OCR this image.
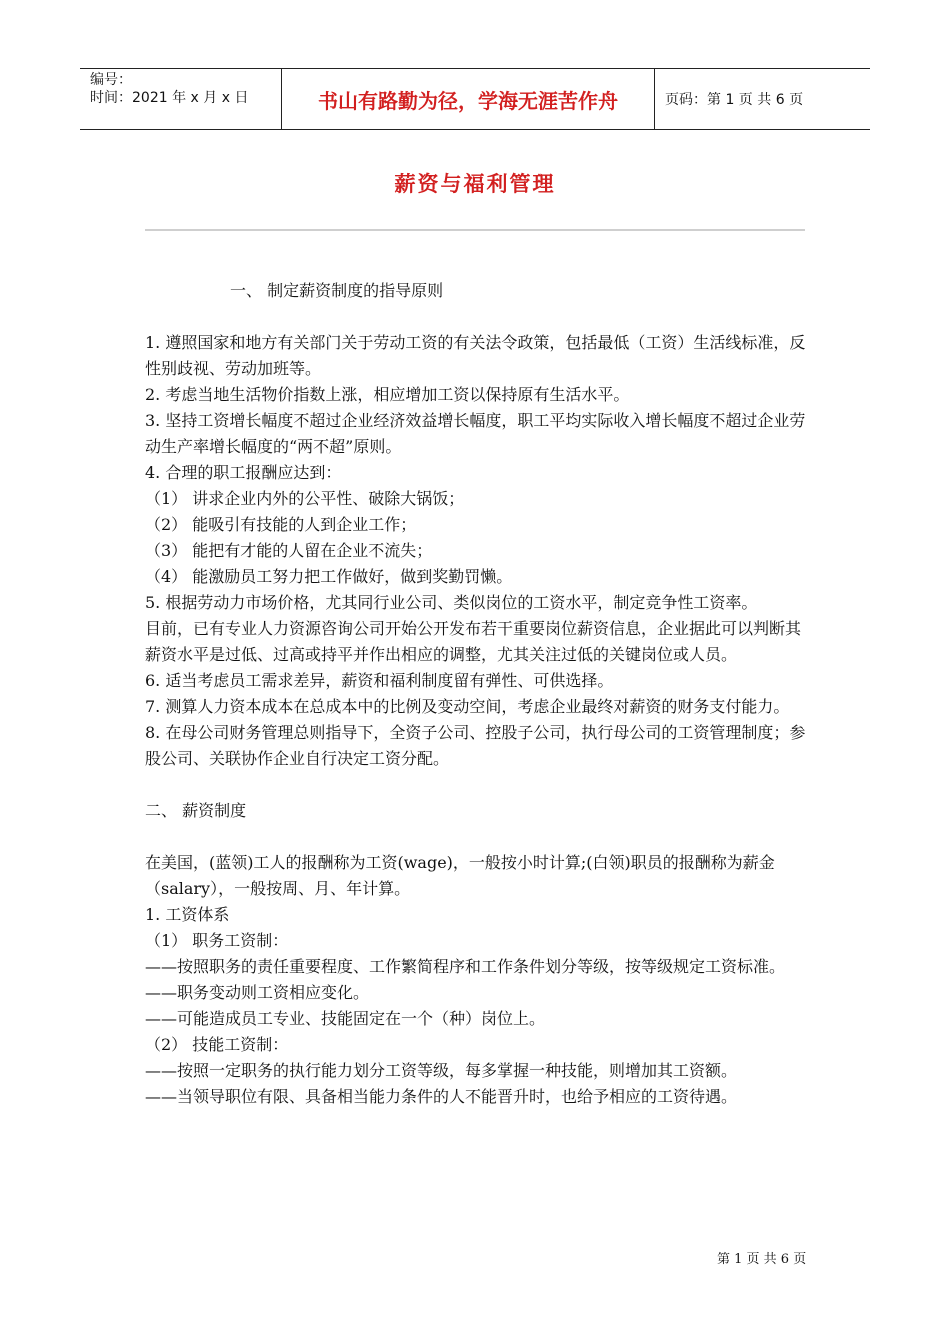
编号：
时间：2021 年 x 月 x 日	书山有路勤为径，学海无涯苦作舟	页码：第 1 页 共 6 页
薪资与福利管理

一、 制定薪资制度的指导原则

1. 遵照国家和地方有关部门关于劳动工资的有关法令政策，包括最低（工资）生活线标准，反性别歧视、劳动加班等。

2. 考虑当地生活物价指数上涨，相应增加工资以保持原有生活水平。

3. 坚持工资增长幅度不超过企业经济效益增长幅度，职工平均实际收入增长幅度不超过企业劳动生产率增长幅度的“两不超”原则。

4. 合理的职工报酬应达到：

（1） 讲求企业内外的公平性、破除大锅饭；

（2） 能吸引有技能的人到企业工作；

（3） 能把有才能的人留在企业不流失；

（4） 能激励员工努力把工作做好，做到奖勤罚懒。

5. 根据劳动力市场价格，尤其同行业公司、类似岗位的工资水平，制定竞争性工资率。

目前，已有专业人力资源咨询公司开始公开发布若干重要岗位薪资信息，企业据此可以判断其薪资水平是过低、过高或持平并作出相应的调整，尤其关注过低的关键岗位或人员。

6. 适当考虑员工需求差异，薪资和福利制度留有弹性、可供选择。

7. 测算人力资本成本在总成本中的比例及变动空间，考虑企业最终对薪资的财务支付能力。

8. 在母公司财务管理总则指导下，全资子公司、控股子公司，执行母公司的工资管理制度；参股公司、关联协作企业自行决定工资分配。

二、 薪资制度

在美国，(蓝领)工人的报酬称为工资(wage)，一般按小时计算;(白领)职员的报酬称为薪金（salary），一般按周、月、年计算。

1. 工资体系

（1） 职务工资制：

——按照职务的责任重要程度、工作繁简程序和工作条件划分等级，按等级规定工资标准。

——职务变动则工资相应变化。

——可能造成员工专业、技能固定在一个（种）岗位上。

（2） 技能工资制：

——按照一定职务的执行能力划分工资等级，每多掌握一种技能，则增加其工资额。

——当领导职位有限、具备相当能力条件的人不能晋升时，也给予相应的工资待遇。

第 1 页 共 6 页
